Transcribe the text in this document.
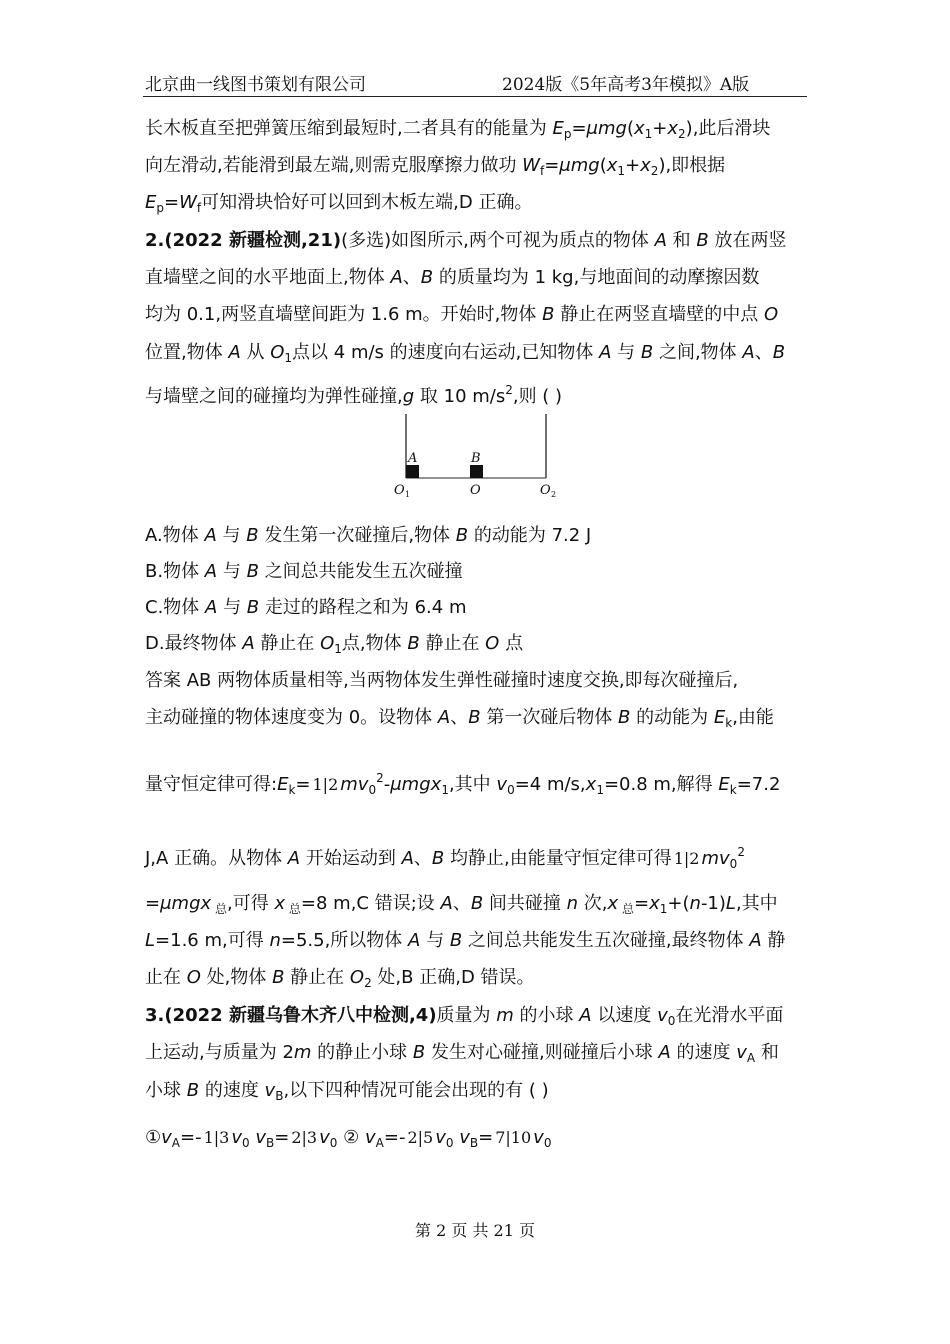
北京曲一线图书策划有限公司	2024版《5年高考3年模拟》A版
长木板直至把弹簧压缩到最短时,二者具有的能量为 $E_p=\mu mg(x_1+x_2)$,此后滑块
向左滑动,若能滑到最左端,则需克服摩擦力做功 $W_f=\mu mg(x_1+x_2)$,即根据
$E_p=W_f$可知滑块恰好可以回到木板左端,D 正确。
2.(2022 新疆检测,21)(多选)如图所示,两个可视为质点的物体 A 和 B 放在两竖
直墙壁之间的水平地面上,物体 A、B 的质量均为 1 kg,与地面间的动摩擦因数
均为 0.1,两竖直墙壁间距为 1.6 m。开始时,物体 B 静止在两竖直墙壁的中点 O
位置,物体 A 从 $O_1$点以 4 m/s 的速度向右运动,已知物体 A 与 B 之间,物体 A、B
与墙壁之间的碰撞均为弹性碰撞,g 取 10 $m/s^2$,则 ( )
A.物体 A 与 B 发生第一次碰撞后,物体 B 的动能为 7.2 J
B.物体 A 与 B 之间总共能发生五次碰撞
C.物体 A 与 B 走过的路程之和为 6.4 m
D.最终物体 A 静止在 $O_1$点,物体 B 静止在 O 点
答案 AB 两物体质量相等,当两物体发生弹性碰撞时速度交换,即每次碰撞后,
主动碰撞的物体速度变为 0。设物体 A、B 第一次碰后物体 B 的动能为 $E_k$,由能
量守恒定律可得$:E_k= 1|2$ $mv_0^2-\mu mgx_1$,其中 $v_0=4$ $m/s,x_1=0.8$ m,解得 $E_k=7.2$
J,A 正确。从物体 A 开始运动到 A、B 均静止,由能量守恒定律可得 1|2 $mv_0^2$
=μmgx $_总$,可得 x $_总$=8 m,C 错误;设 A、B 间共碰撞 n 次,x $_总=x_1+(n-1)L$,其中
L=1.6 m,可得 n=5.5,所以物体 A 与 B 之间总共能发生五次碰撞,最终物体 A 静
止在 O 处,物体 B 静止在 $O_2$ 处,B 正确,D 错误。
3.(2022 新疆乌鲁木齐八中检测,4)质量为 m 的小球 A 以速度 $v_0$在光滑水平面
上运动,与质量为 2m 的静止小球 B 发生对心碰撞,则碰撞后小球 A 的速度 $v_A$ 和
小球 B 的速度 $v_B$,以下四种情况可能会出现的有 ( )
$①v_A=-$ 1|3 $v_0$ $v_B= 2|3$ $v_0$ ② $v_A=-$ 2|5 $v_0$ $v_B= 7|10$ $v_0$
A	B
O	O	O
1	2
第 2 页 共 21 页
